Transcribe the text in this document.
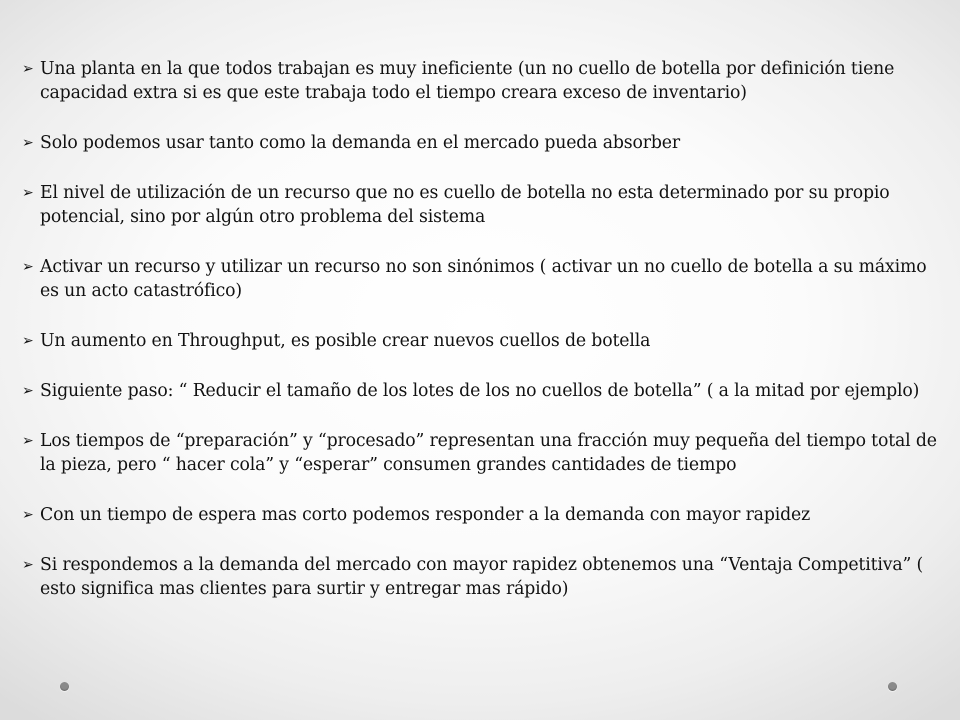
➢ Una planta en la que todos trabajan es muy ineficiente (un no cuello de botella por definición tiene capacidad extra si es que este trabaja todo el tiempo creara exceso de inventario)
➢ Solo podemos usar tanto como la demanda en el mercado pueda absorber
➢ El nivel de utilización de un recurso que no es cuello de botella no esta determinado por su propio potencial, sino por algún otro problema del sistema
➢ Activar un recurso y utilizar un recurso no son sinónimos ( activar un no cuello de botella a su máximo es un acto catastrófico)
➢ Un aumento en Throughput, es posible crear nuevos cuellos de botella
➢ Siguiente paso: “ Reducir el tamaño de los lotes de los no cuellos de botella” ( a la mitad por ejemplo)
➢ Los tiempos de “preparación” y “procesado” representan una fracción muy pequeña del tiempo total de la pieza, pero “ hacer cola” y “esperar” consumen grandes cantidades de tiempo
➢ Con un tiempo de espera mas corto podemos responder a la demanda con mayor rapidez
➢ Si respondemos a la demanda del mercado con mayor rapidez obtenemos una “Ventaja Competitiva” ( esto significa mas clientes para surtir y entregar mas rápido)
